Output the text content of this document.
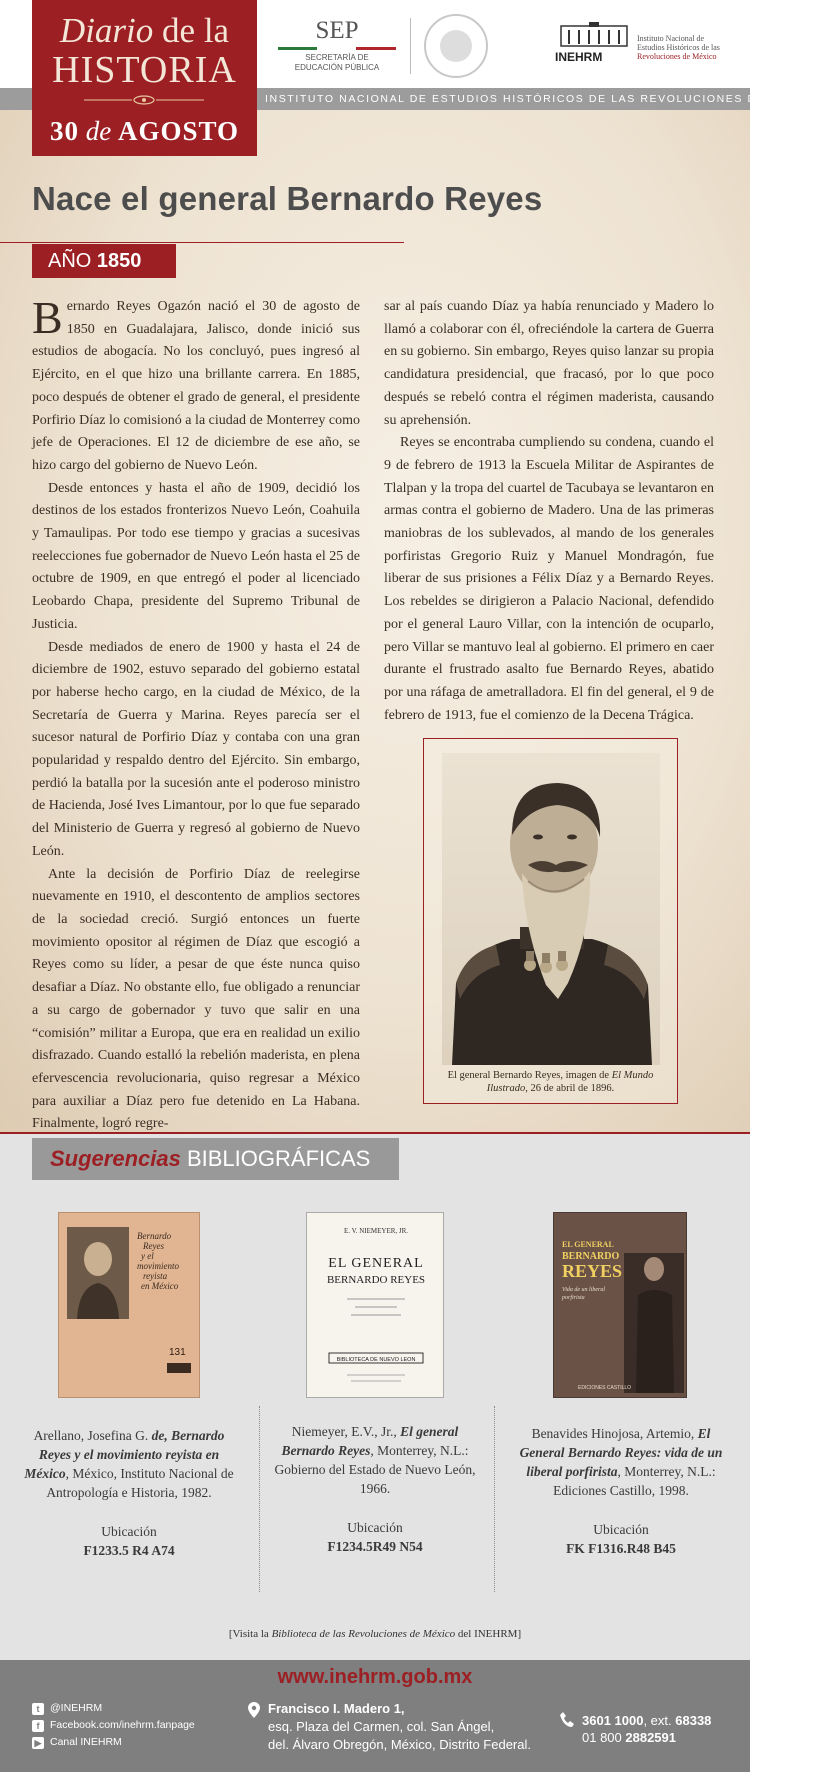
SEP
SECRETARÍA DE
EDUCACIÓN PÚBLICA
INEHRM
Instituto Nacional de
Estudios Históricos de las
Revoluciones de México
INSTITUTO NACIONAL DE ESTUDIOS HISTÓRICOS DE LAS REVOLUCIONES DE MÉXICO
Diario de la
HISTORIA
30 de AGOSTO
Nace el general Bernardo Reyes
AÑO 1850

Bernardo Reyes Ogazón nació el 30 de agosto de 1850 en Guadalajara, Jalisco, donde inició sus estudios de abogacía. No los concluyó, pues ingresó al Ejército, en el que hizo una brillante carrera. En 1885, poco después de obtener el grado de general, el presidente Porfirio Díaz lo comisionó a la ciudad de Monterrey como jefe de Operaciones. El 12 de diciembre de ese año, se hizo cargo del gobierno de Nuevo León.

Desde entonces y hasta el año de 1909, decidió los destinos de los estados fronterizos Nuevo León, Coahuila y Tamaulipas. Por todo ese tiempo y gracias a sucesivas reelecciones fue gobernador de Nuevo León hasta el 25 de octubre de 1909, en que entregó el poder al licenciado Leobardo Chapa, presidente del Supremo Tribunal de Justicia.

Desde mediados de enero de 1900 y hasta el 24 de diciembre de 1902, estuvo separado del gobierno estatal por haberse hecho cargo, en la ciudad de México, de la Secretaría de Guerra y Marina. Reyes parecía ser el sucesor natural de Porfirio Díaz y contaba con una gran popularidad y respaldo dentro del Ejército. Sin embargo, perdió la batalla por la sucesión ante el poderoso ministro de Hacienda, José Ives Limantour, por lo que fue separado del Ministerio de Guerra y regresó al gobierno de Nuevo León.

Ante la decisión de Porfirio Díaz de reelegirse nuevamente en 1910, el descontento de amplios sectores de la sociedad creció. Surgió entonces un fuerte movimiento opositor al régimen de Díaz que escogió a Reyes como su líder, a pesar de que éste nunca quiso desafiar a Díaz. No obstante ello, fue obligado a renunciar a su cargo de gobernador y tuvo que salir en una “comisión” militar a Europa, que era en realidad un exilio disfrazado. Cuando estalló la rebelión maderista, en plena efervescencia revolucionaria, quiso regresar a México para auxiliar a Díaz pero fue detenido en La Habana. Finalmente, logró regre-

sar al país cuando Díaz ya había renunciado y Madero lo llamó a colaborar con él, ofreciéndole la cartera de Guerra en su gobierno. Sin embargo, Reyes quiso lanzar su propia candidatura presidencial, que fracasó, por lo que poco después se rebeló contra el régimen maderista, causando su aprehensión.

Reyes se encontraba cumpliendo su condena, cuando el 9 de febrero de 1913 la Escuela Militar de Aspirantes de Tlalpan y la tropa del cuartel de Tacubaya se levantaron en armas contra el gobierno de Madero. Una de las primeras maniobras de los sublevados, al mando de los generales porfiristas Gregorio Ruiz y Manuel Mondragón, fue liberar de sus prisiones a Félix Díaz y a Bernardo Reyes. Los rebeldes se dirigieron a Palacio Nacional, defendido por el general Lauro Villar, con la intención de ocuparlo, pero Villar se mantuvo leal al gobierno. El primero en caer durante el frustrado asalto fue Bernardo Reyes, abatido por una ráfaga de ametralladora. El fin del general, el 9 de febrero de 1913, fue el comienzo de la Decena Trágica.

El general Bernardo Reyes, imagen de El Mundo Ilustrado, 26 de abril de 1896.
Sugerencias BIBLIOGRÁFICAS
Bernardo
Reyes
y el
movimiento
reyista
en México
131
E. V. NIEMEYER, JR.
EL GENERAL
BERNARDO REYES
BIBLIOTECA DE NUEVO LEON
EL GENERAL
BERNARDO
REYES
Vida de un liberal
porfirista
EDICIONES CASTILLO
Arellano, Josefina G. de, Bernardo Reyes y el movimiento reyista en México, México, Instituto Nacional de Antropología e Historia, 1982.
Ubicación
F1233.5 R4 A74
Niemeyer, E.V., Jr., El general Bernardo Reyes, Monterrey, N.L.: Gobierno del Estado de Nuevo León, 1966.
Ubicación
F1234.5R49 N54
Benavides Hinojosa, Artemio, El General Bernardo Reyes: vida de un liberal porfirista, Monterrey, N.L.: Ediciones Castillo, 1998.
Ubicación
FK F1316.R48 B45
[Visita la Biblioteca de las Revoluciones de México del INEHRM]
www.inehrm.gob.mx
t	@INEHRM
f	Facebook.com/inehrm.fanpage
▶ Canal INEHRM
Francisco I. Madero 1,
esq. Plaza del Carmen, col. San Ángel,
del. Álvaro Obregón, México, Distrito Federal.
3601 1000, ext. 68338
01 800 2882591
